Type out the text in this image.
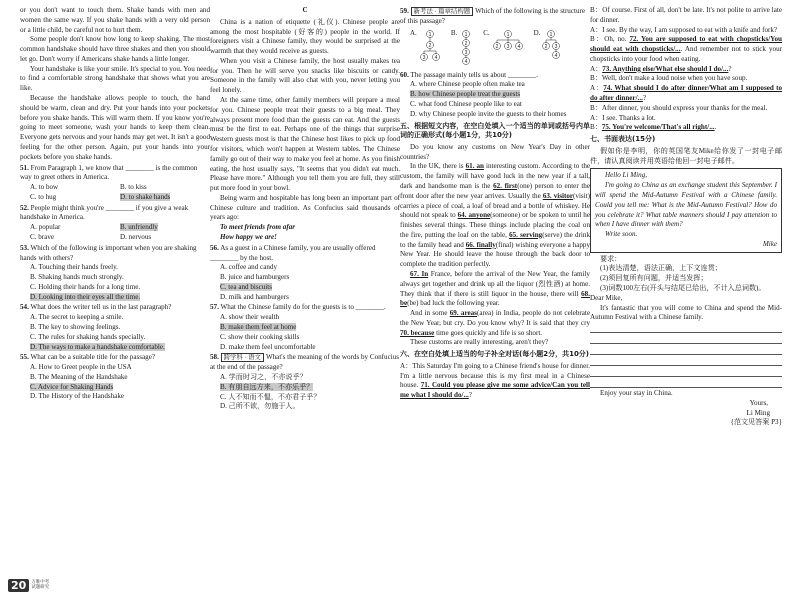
or you don't want to touch them. Shake hands with men and women the same way. If you shake hands with a very old person or a little child, be careful not to hurt them.

Some people don't know how long to keep shaking. The most common handshake should have three shakes and then you should let go. Don't worry if Americans shake hands a little longer.

Your handshake is like your smile. It's special to you. You need to find a comfortable strong handshake that shows what you are like.

Because the handshake allows people to touch, the hand should be warm, clean and dry. Put your hands into your pockets before you shake hands. This will warm them. If you know you're going to meet someone, wash your hands to keep them clean. Everyone gets nervous and your hands may get wet. It isn't a good feeling for the other person. Again, put your hands into your pockets before you shake hands.

51. From Paragraph 1, we know that ________ is the common way to greet others in America.
A. to bow	B. to kiss
C. to hug	D. to shake hands
52. People might think you're ________ if you give a weak handshake in America.
A. popular	B. unfriendly
C. brave	D. nervous
53. Which of the following is important when you are shaking hands with others?
A. Touching their hands freely.
B. Shaking hands much strongly.
C. Holding their hands for a long time.
D. Looking into their eyes all the time.
54. What does the writer tell us in the last paragraph?
A. The secret to keeping a smile.
B. The key to showing feelings.
C. The rules for shaking hands specially.
D. The ways to make a handshake comfortable.
55. What can be a suitable title for the passage?
A. How to Greet people in the USA
B. The Meaning of the Handshake
C. Advice for Shaking Hands
D. The History of the Handshake

C

China is a nation of etiquette (礼仪). Chinese people are among the most hospitable (好客的) people in the world. If foreigners visit a Chinese family, they would be surprised at the warmth that they would receive as guests.

When you visit a Chinese family, the host usually makes tea for you. Then he will serve you snacks like biscuits or candy. Someone in the family will also chat with you, never letting you feel lonely.

At the same time, other family members will prepare a meal for you. Chinese people treat their guests to a big meal. They always present more food than the guests can eat. And the guests must be the first to eat. Perhaps one of the things that surprise Western guests most is that the Chinese host likes to pick up food for visitors, which won't happen at Western tables. The Chinese family go out of their way to make you feel at home. As you finish eating, the host usually says, "It seems that you didn't eat much. Please have more." Although you tell them you are full, they still put more food in your bowl.

Being warm and hospitable has long been an important part of Chinese culture and tradition. As Confucius said thousands of years ago:

To meet friends from afar

How happy we are!

56. As a guest in a Chinese family, you are usually offered ________ by the host.
A. coffee and candy
B. juice and hamburgers
C. tea and biscuits
D. milk and hamburgers
57. What the Chinese family do for the guests is to ________.
A. show their wealth
B. make them feel at home
C. show their cooking skills
D. make them feel uncomfortable
58. 跨学科 · 语文 What's the meaning of the words by Confucius at the end of the passage?
A. 学而时习之，不亦说乎？
B. 有朋自远方来，不亦乐乎？
C. 人不知而不愠，不亦君子乎？
D. 己所不欲，勿施于人。
59. 新考法 · 篇章结构题 Which of the following is the structure of this passage?
A. 1
2
3 4
B. 1
2
3
4
C.	1
2 3 4
D. 1
2 3
4
60. The passage mainly tells us about ________.
A. where Chinese people often make tea
B. how Chinese people treat the guests
C. what food Chinese people like to eat
D. why Chinese people invite the guests to their homes

五、根据短文内容，在空白处填入一个适当的单词或括号内单词的正确形式(每小题1分，共10分)

Do you know any customs on New Year's Day in other countries?

In the UK, there is 61. an interesting custom. According to the custom, the family will have good luck in the new year if a tall, dark and handsome man is the 62. first(one) person to enter the front door after the new year arrives. Usually the 63. visitor(visit) carries a piece of coal, a loaf of bread and a bottle of whiskey. He should not speak to 64. anyone(someone) or be spoken to until he finishes several things. These things include placing the coal on the fire, putting the loaf on the table, 65. serving(serve) the drink to the family head and 66. finally(final) wishing everyone a happy New Year. He should leave the house through the back door to complete the tradition perfectly.

67. In France, before the arrival of the New Year, the family always get together and drink up all the liquor (烈性酒) at home. They think that if there is still liquor in the house, there will 68. be(be) bad luck the following year.

And in some 69. areas(area) in India, people do not celebrate the New Year, but cry. Do you know why? It is said that they cry 70. because time goes quickly and life is so short.

These customs are really interesting, aren't they?

六、在空白处填上适当的句子补全对话(每小题2分，共10分)

A：This Saturday I'm going to a Chinese friend's house for dinner. I'm a little nervous because this is my first meal in a Chinese house. 71. Could you please give me some advice/Can you tell me what I should do/...?

B：Of course. First of all, don't be late. It's not polite to arrive late for dinner.

A：I see. By the way, I am supposed to eat with a knife and fork?

B：Oh, no. 72. You are supposed to eat with chopsticks/You should eat with chopsticks/.... And remember not to stick your chopsticks into your food when eating.

A：73. Anything else/What else should I do/...?

B：Well, don't make a loud noise when you have soup.

A：74. What should I do after dinner/What am I supposed to do after dinner/...?

B：After dinner, you should express your thanks for the meal.

A：I see. Thanks a lot.

B：75. You're welcome/That's all right/....

七、书面表达(15分)

假如你是李明，你的英国笔友Mike给你发了一封电子邮件，请认真阅读并用英语给他回一封电子邮件。

Hello Li Ming,

I'm going to China as an exchange student this September. I will spend the Mid-Autumn Festival with a Chinese family. Could you tell me: What is the Mid-Autumn Festival? How do you celebrate it? What table manners should I pay attention to when I have dinner with them?

Write soon.

Mike

要求：

(1)表达清楚，语法正确，上下文连贯；

(2)须回复所有问题，并适当发挥；

(3)词数100左右(开头与结尾已给出，不计入总词数)。

Dear Mike,

It's fantastic that you will come to China and spend the Mid-Autumn Festival with a Chinese family.

Enjoy your stay in China.

Yours,

Li Ming

{范文见答案 P3}

20	万唯中考 试题研究
